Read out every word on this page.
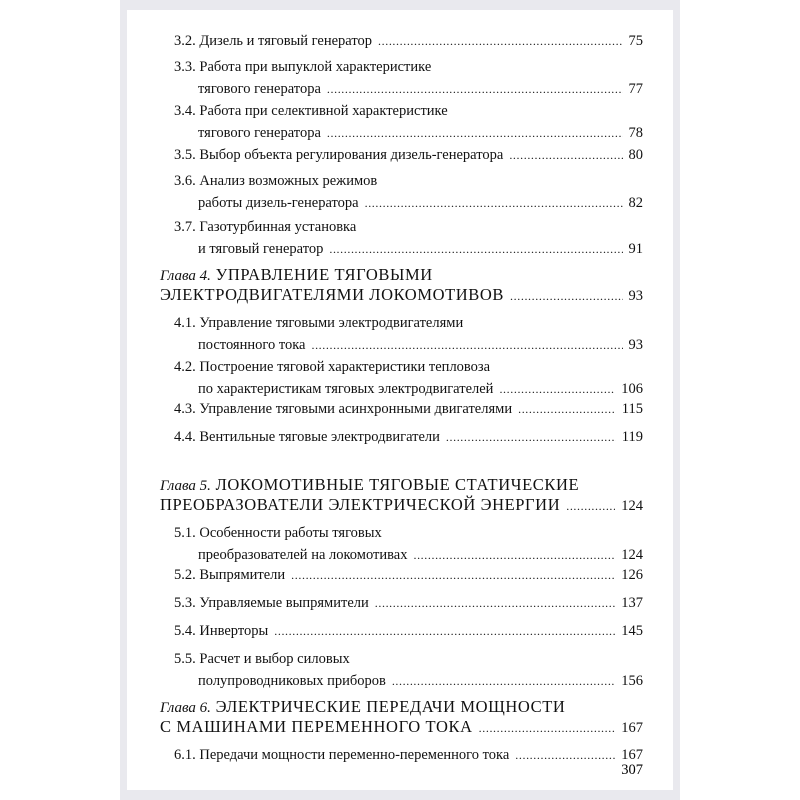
3.2. Дизель и тяговый генератор . . .	75
3.3. Работа при выпуклой характеристике
тягового генератора . . .	77
3.4. Работа при селективной характеристике
тягового генератора . . .	78
3.5. Выбор объекта регулирования дизель-генератора . . .	80
3.6. Анализ возможных режимов
работы дизель-генератора . . .	82
3.7. Газотурбинная установка
и тяговый генератор . . .	91
Глава 4. УПРАВЛЕНИЕ ТЯГОВЫМИ
ЭЛЕКТРОДВИГАТЕЛЯМИ ЛОКОМОТИВОВ . . .	93
4.1. Управление тяговыми электродвигателями
постоянного тока . . .	93
4.2. Построение тяговой характеристики тепловоза
по характеристикам тяговых электродвигателей . . .	106
4.3. Управление тяговыми асинхронными двигателями . . .	115
4.4. Вентильные тяговые электродвигатели . . .	119
Глава 5. ЛОКОМОТИВНЫЕ ТЯГОВЫЕ СТАТИЧЕСКИЕ
ПРЕОБРАЗОВАТЕЛИ ЭЛЕКТРИЧЕСКОЙ ЭНЕРГИИ . . .	124
5.1. Особенности работы тяговых
преобразователей на локомотивах . . .	124
5.2. Выпрямители . . .	126
5.3. Управляемые выпрямители . . .	137
5.4. Инверторы . . .	145
5.5. Расчет и выбор силовых
полупроводниковых приборов . . .	156
Глава 6. ЭЛЕКТРИЧЕСКИЕ ПЕРЕДАЧИ МОЩНОСТИ
С МАШИНАМИ ПЕРЕМЕННОГО ТОКА . . .	167
6.1. Передачи мощности переменно-переменного тока . . .	167
307
